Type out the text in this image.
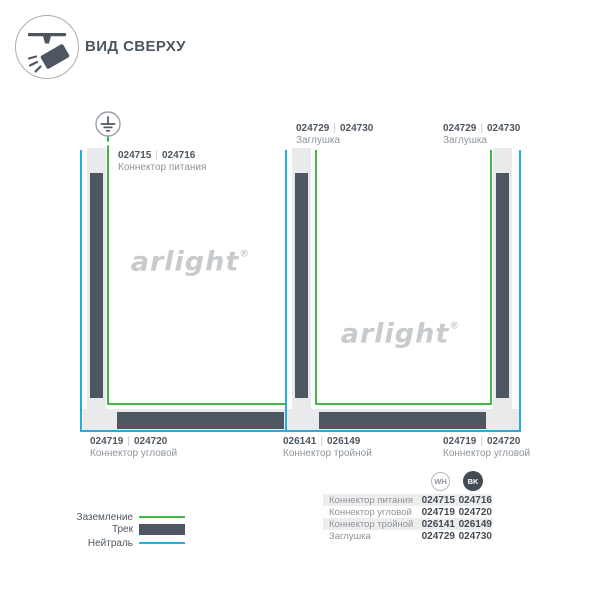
ВИД СВЕРХУ
arlight®
arlight®
024715 | 024716
Коннектор питания
024729 | 024730
Заглушка
024729 | 024730
Заглушка
024719 | 024720
Коннектор угловой
026141 | 026149
Коннектор тройной
024719 | 024720
Коннектор угловой
Заземление
Трек
Нейтраль
WH	BK
Коннектор питания 024715 024716
Коннектор угловой 024719 024720
Коннектор тройной 026141 026149
Заглушка	024729 024730
